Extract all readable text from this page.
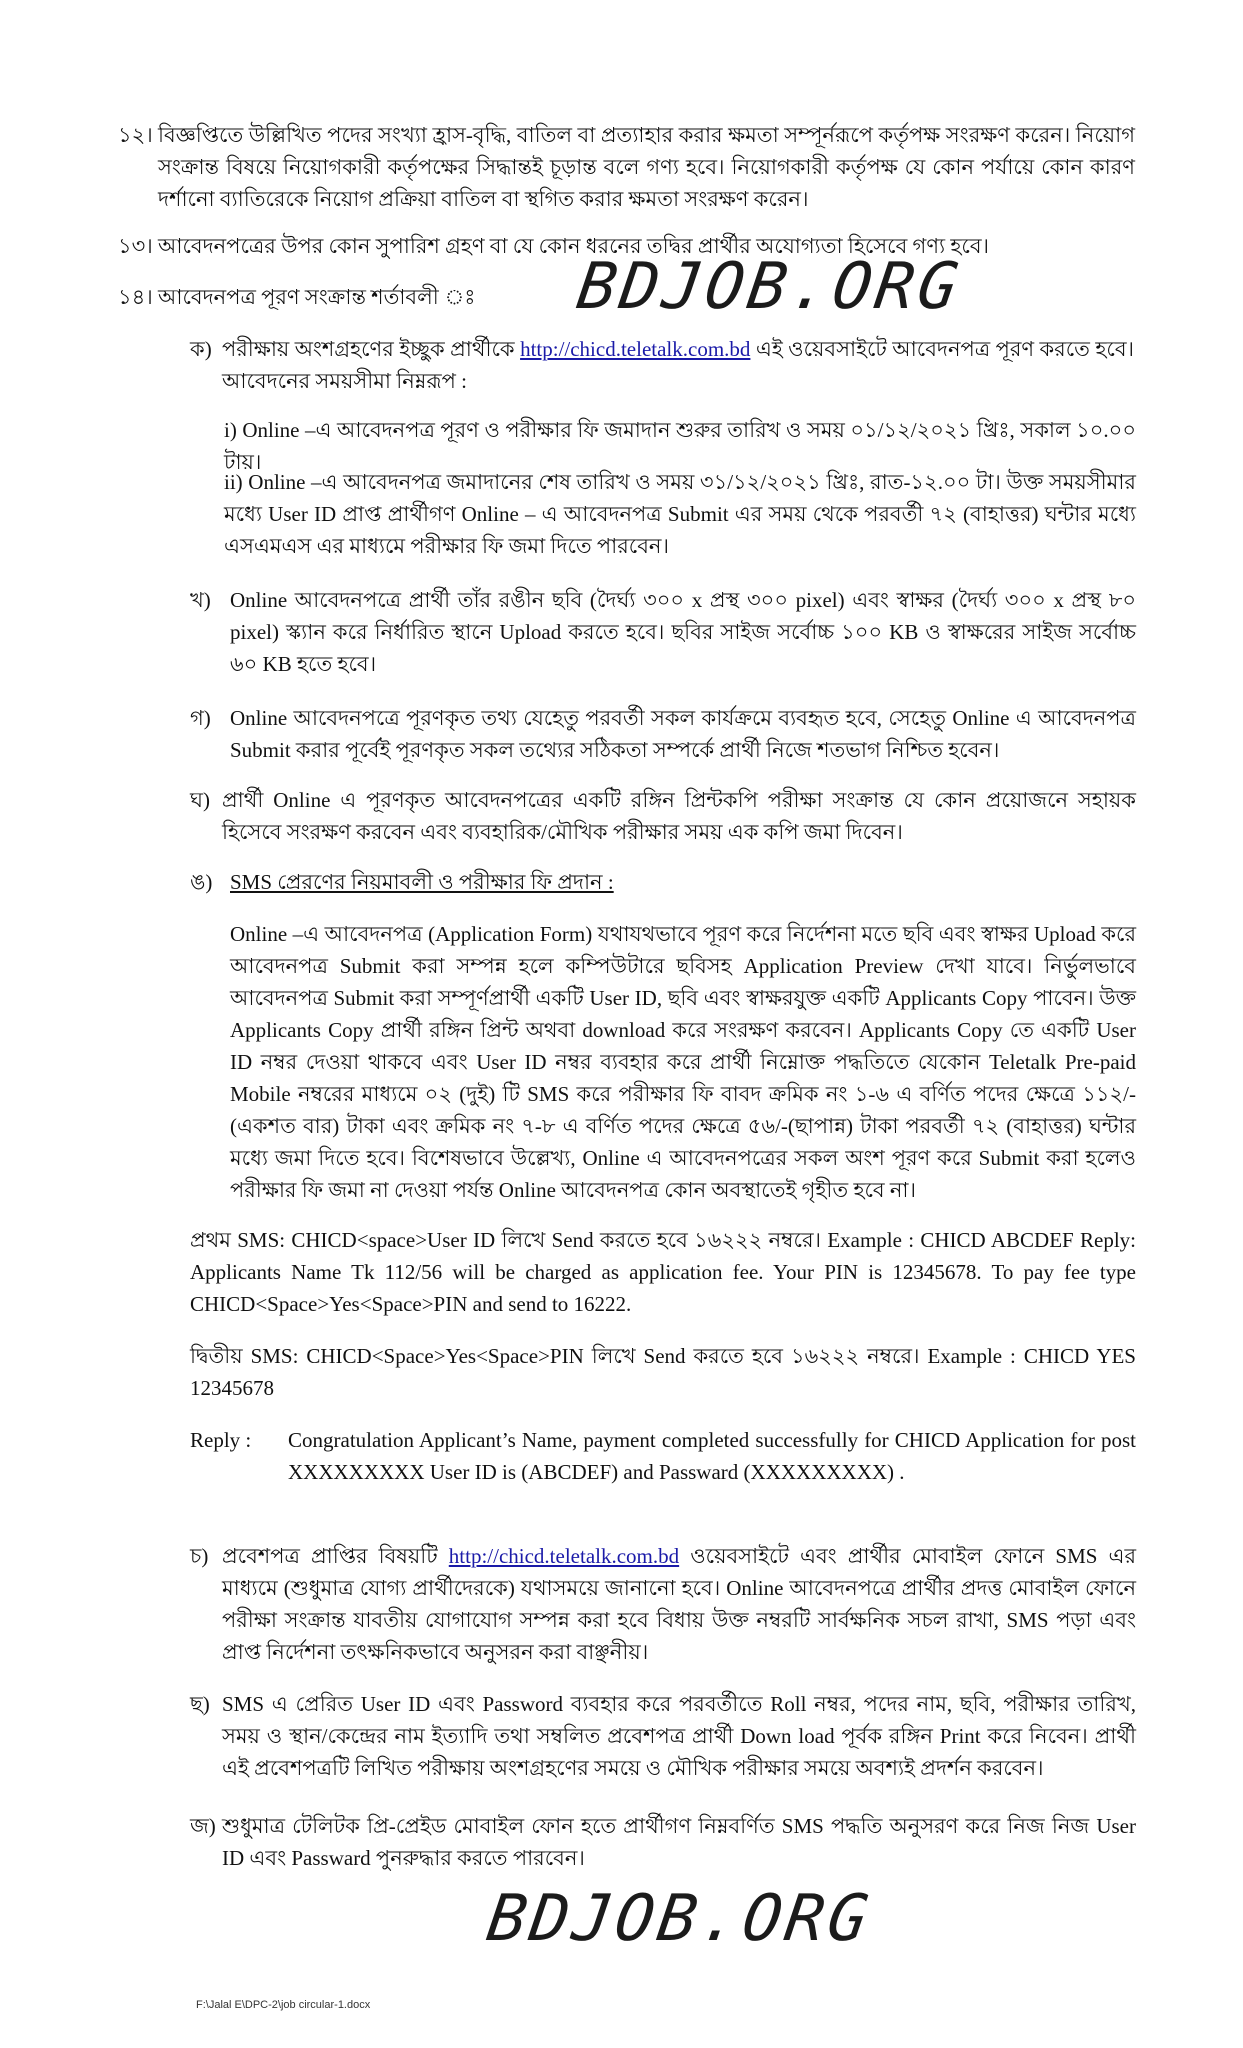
১২। বিজ্ঞপ্তিতে উল্লিখিত পদের সংখ্যা হ্রাস-বৃদ্ধি, বাতিল বা প্রত্যাহার করার ক্ষমতা সম্পূর্নরূপে কর্তৃপক্ষ সংরক্ষণ করেন। নিয়োগ সংক্রান্ত বিষয়ে নিয়োগকারী কর্তৃপক্ষের সিদ্ধান্তই চূড়ান্ত বলে গণ্য হবে। নিয়োগকারী কর্তৃপক্ষ যে কোন পর্যায়ে কোন কারণ দর্শানো ব্যাতিরেকে নিয়োগ প্রক্রিয়া বাতিল বা স্থগিত করার ক্ষমতা সংরক্ষণ করেন।
১৩। আবেদনপত্রের উপর কোন সুপারিশ গ্রহণ বা যে কোন ধরনের তদ্বির প্রার্থীর অযোগ্যতা হিসেবে গণ্য হবে।
১৪। আবেদনপত্র পূরণ সংক্রান্ত শর্তাবলী ঃ	BDJOB.ORG
ক) পরীক্ষায় অংশগ্রহণের ইচ্ছুক প্রার্থীকে http://chicd.teletalk.com.bd এই ওয়েবসাইটে আবেদনপত্র পূরণ করতে হবে। আবেদনের সময়সীমা নিম্নরূপ :
i) Online –এ আবেদনপত্র পূরণ ও পরীক্ষার ফি জমাদান শুরুর তারিখ ও সময় ০১/১২/২০২১ খ্রিঃ, সকাল ১০.০০ টায়।
ii) Online –এ আবেদনপত্র জমাদানের শেষ তারিখ ও সময় ৩১/১২/২০২১ খ্রিঃ, রাত-১২.০০ টা। উক্ত সময়সীমার মধ্যে User ID প্রাপ্ত প্রার্থীগণ Online – এ আবেদনপত্র Submit এর সময় থেকে পরবর্তী ৭২ (বাহাত্তর) ঘন্টার মধ্যে এসএমএস এর মাধ্যমে পরীক্ষার ফি জমা দিতে পারবেন।
খ) Online আবেদনপত্রে প্রার্থী তাঁর রঙীন ছবি (দৈর্ঘ্য ৩০০ x প্রস্থ ৩০০ pixel) এবং স্বাক্ষর (দৈর্ঘ্য ৩০০ x প্রস্থ ৮০ pixel) স্ক্যান করে নির্ধারিত স্থানে Upload করতে হবে। ছবির সাইজ সর্বোচ্চ ১০০ KB ও স্বাক্ষরের সাইজ সর্বোচ্চ ৬০ KB হতে হবে।
গ) Online আবেদনপত্রে পূরণকৃত তথ্য যেহেতু পরবর্তী সকল কার্যক্রমে ব্যবহৃত হবে, সেহেতু Online এ আবেদনপত্র Submit করার পূর্বেই পূরণকৃত সকল তথ্যের সঠিকতা সম্পর্কে প্রার্থী নিজে শতভাগ নিশ্চিত হবেন।
ঘ) প্রার্থী Online এ পূরণকৃত আবেদনপত্রের একটি রঙ্গিন প্রিন্টকপি পরীক্ষা সংক্রান্ত যে কোন প্রয়োজনে সহায়ক হিসেবে সংরক্ষণ করবেন এবং ব্যবহারিক/মৌখিক পরীক্ষার সময় এক কপি জমা দিবেন।
ঙ) SMS প্রেরণের নিয়মাবলী ও পরীক্ষার ফি প্রদান :
Online –এ আবেদনপত্র (Application Form) যথাযথভাবে পূরণ করে নির্দেশনা মতে ছবি এবং স্বাক্ষর Upload করে আবেদনপত্র Submit করা সম্পন্ন হলে কম্পিউটারে ছবিসহ Application Preview দেখা যাবে। নির্ভুলভাবে আবেদনপত্র Submit করা সম্পূর্ণপ্রার্থী একটি User ID, ছবি এবং স্বাক্ষরযুক্ত একটি Applicants Copy পাবেন। উক্ত Applicants Copy প্রার্থী রঙ্গিন প্রিন্ট অথবা download করে সংরক্ষণ করবেন। Applicants Copy তে একটি User ID নম্বর দেওয়া থাকবে এবং User ID নম্বর ব্যবহার করে প্রার্থী নিম্নোক্ত পদ্ধতিতে যেকোন Teletalk Pre-paid Mobile নম্বরের মাধ্যমে ০২ (দুই) টি SMS করে পরীক্ষার ফি বাবদ ক্রমিক নং ১-৬ এ বর্ণিত পদের ক্ষেত্রে ১১২/-(একশত বার) টাকা এবং ক্রমিক নং ৭-৮ এ বর্ণিত পদের ক্ষেত্রে ৫৬/-(ছাপান্ন) টাকা পরবর্তী ৭২ (বাহাত্তর) ঘন্টার মধ্যে জমা দিতে হবে। বিশেষভাবে উল্লেখ্য, Online এ আবেদনপত্রের সকল অংশ পূরণ করে Submit করা হলেও পরীক্ষার ফি জমা না দেওয়া পর্যন্ত Online আবেদনপত্র কোন অবস্থাতেই গৃহীত হবে না।
প্রথম SMS: CHICD<space>User ID লিখে Send করতে হবে ১৬২২২ নম্বরে। Example : CHICD ABCDEF Reply: Applicants Name Tk 112/56 will be charged as application fee. Your PIN is 12345678. To pay fee type CHICD<Space>Yes<Space>PIN and send to 16222.
দ্বিতীয় SMS: CHICD<Space>Yes<Space>PIN লিখে Send করতে হবে ১৬২২২ নম্বরে। Example : CHICD YES 12345678
Reply : Congratulation Applicant’s Name, payment completed successfully for CHICD Application for post XXXXXXXXX User ID is (ABCDEF) and Passward (XXXXXXXXX) .
চ) প্রবেশপত্র প্রাপ্তির বিষয়টি http://chicd.teletalk.com.bd ওয়েবসাইটে এবং প্রার্থীর মোবাইল ফোনে SMS এর মাধ্যমে (শুধুমাত্র যোগ্য প্রার্থীদেরকে) যথাসময়ে জানানো হবে। Online আবেদনপত্রে প্রার্থীর প্রদত্ত মোবাইল ফোনে পরীক্ষা সংক্রান্ত যাবতীয় যোগাযোগ সম্পন্ন করা হবে বিধায় উক্ত নম্বরটি সার্বক্ষনিক সচল রাখা, SMS পড়া এবং প্রাপ্ত নির্দেশনা তৎক্ষনিকভাবে অনুসরন করা বাঞ্ছনীয়।
ছ) SMS এ প্রেরিত User ID এবং Password ব্যবহার করে পরবর্তীতে Roll নম্বর, পদের নাম, ছবি, পরীক্ষার তারিখ, সময় ও স্থান/কেন্দ্রের নাম ইত্যাদি তথা সম্বলিত প্রবেশপত্র প্রার্থী Down load পূর্বক রঙ্গিন Print করে নিবেন। প্রার্থী এই প্রবেশপত্রটি লিখিত পরীক্ষায় অংশগ্রহণের সময়ে ও মৌখিক পরীক্ষার সময়ে অবশ্যই প্রদর্শন করবেন।
জ) শুধুমাত্র টেলিটক প্রি-প্রেইড মোবাইল ফোন হতে প্রার্থীগণ নিম্নবর্ণিত SMS পদ্ধতি অনুসরণ করে নিজ নিজ User ID এবং Passward পুনরুদ্ধার করতে পারবেন।
BDJOB.ORG
F:\Jalal E\DPC-2\job circular-1.docx
